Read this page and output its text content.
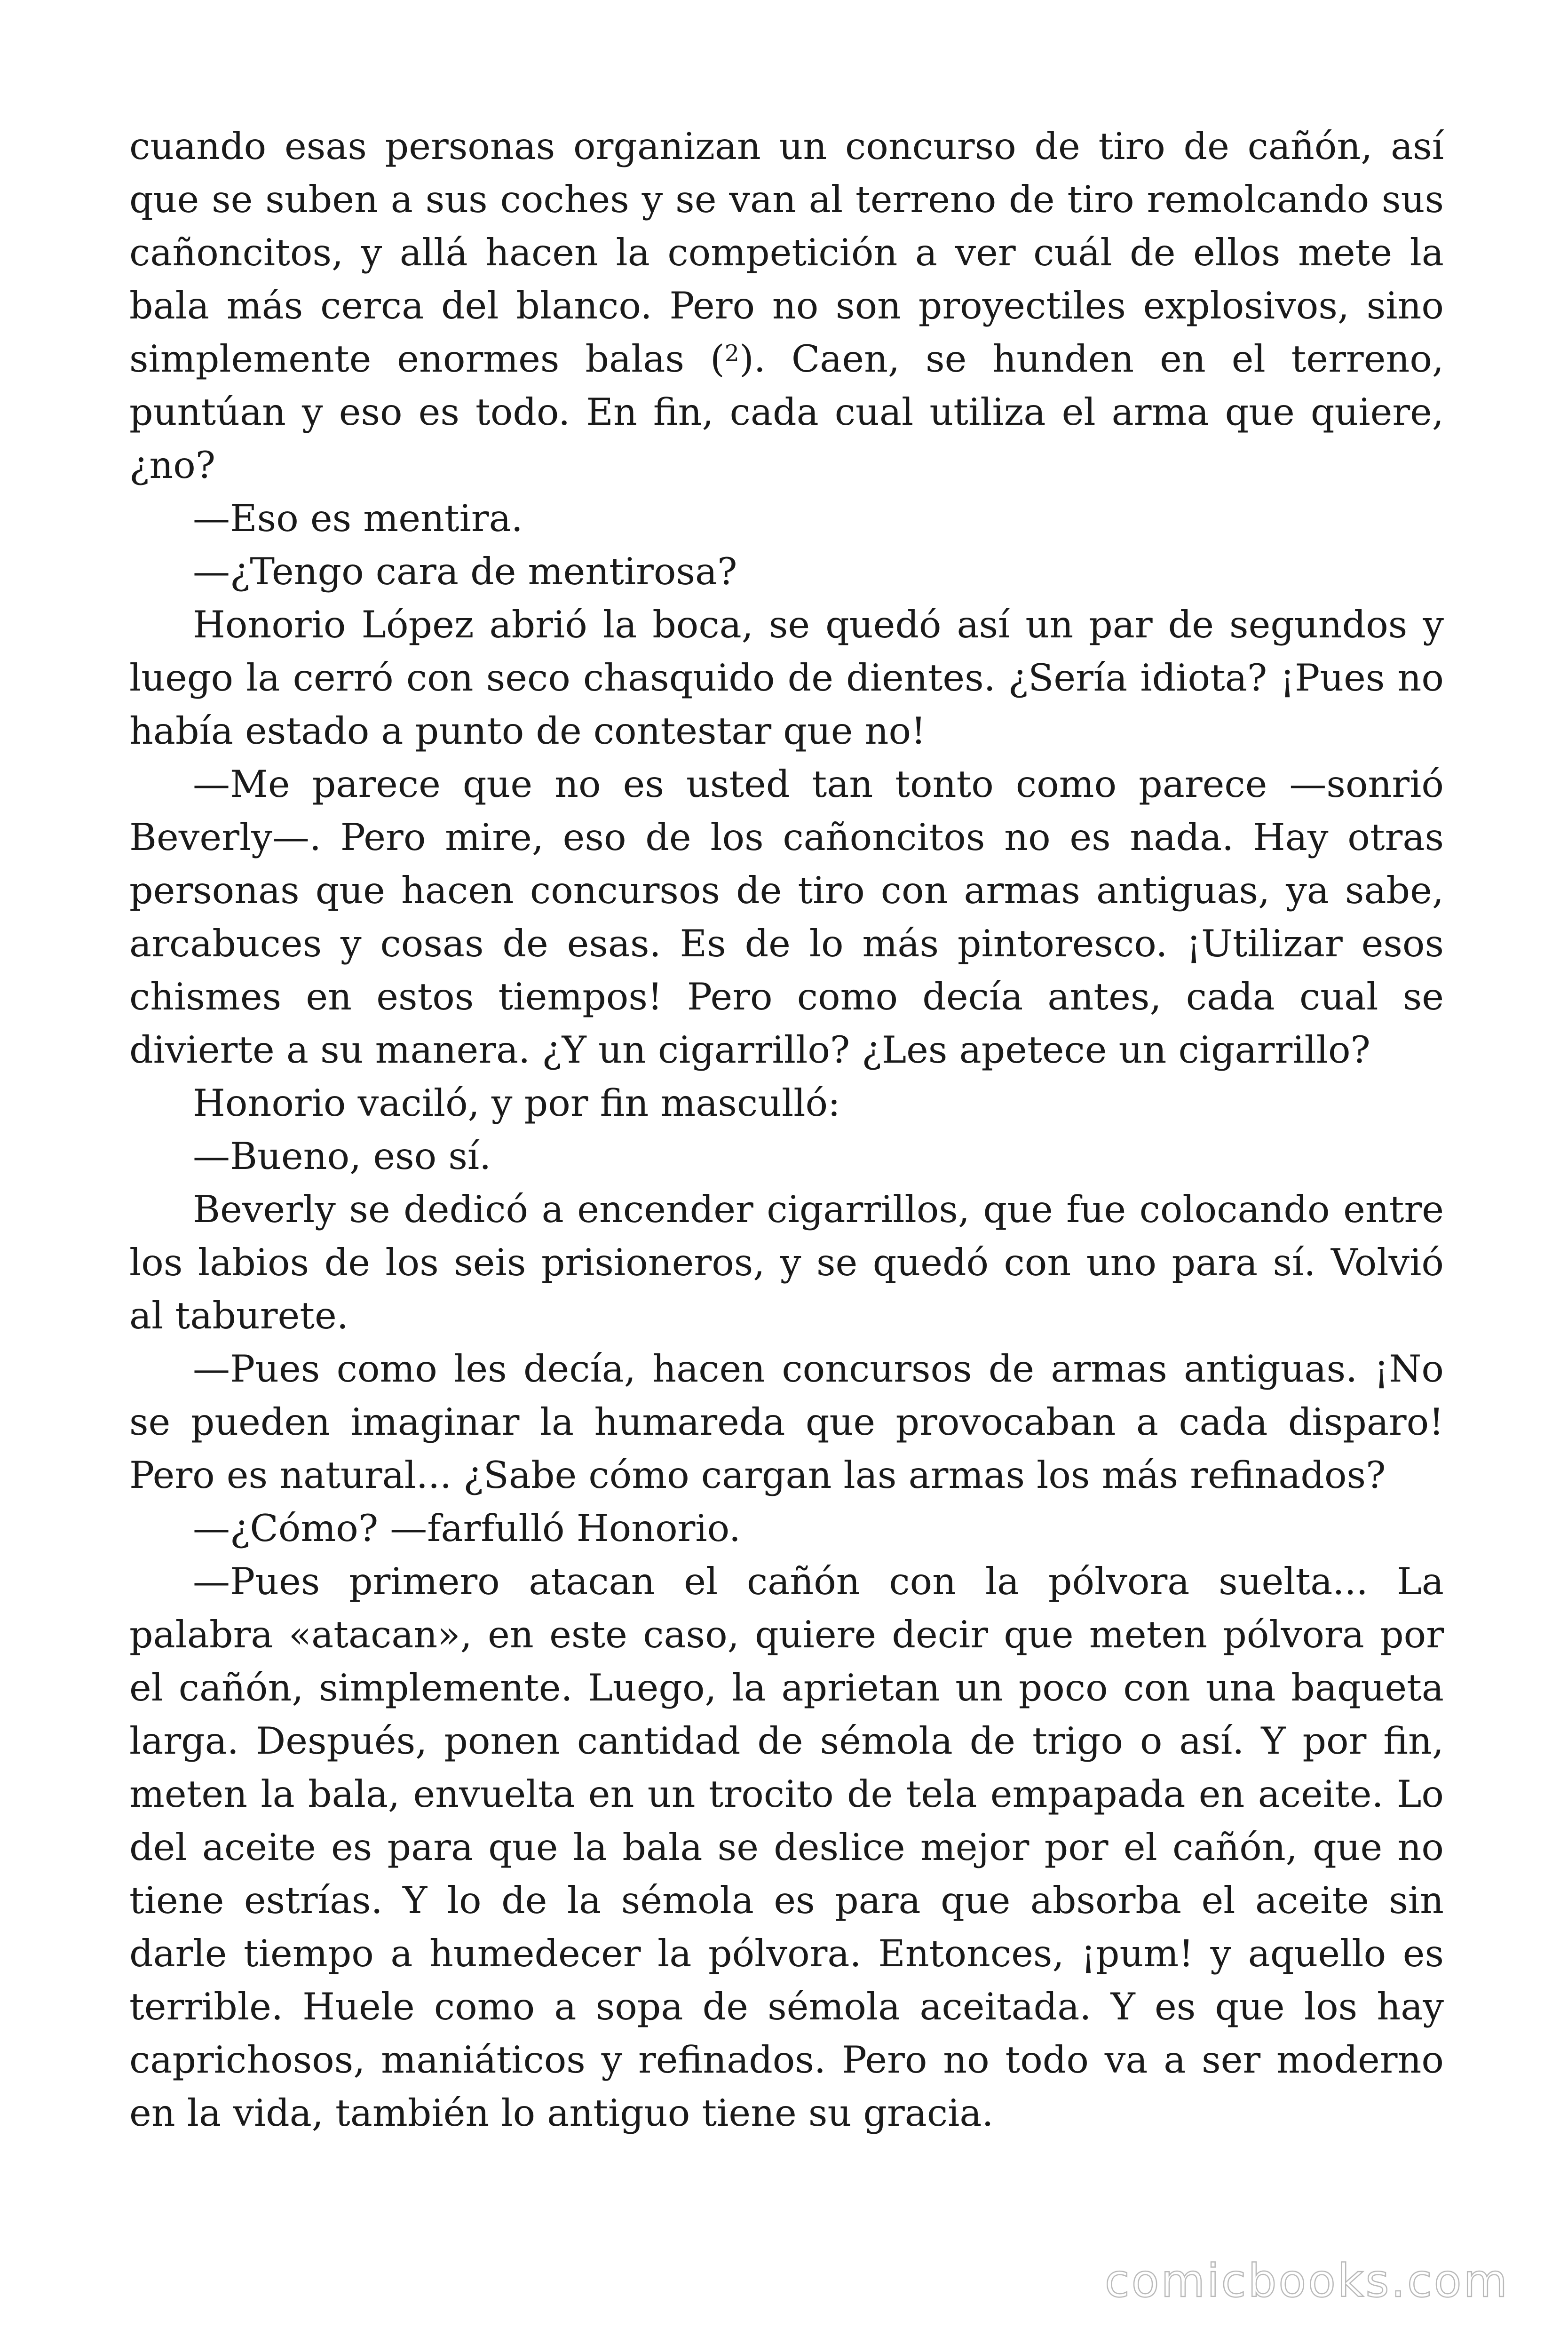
cuando esas personas organizan un concurso de tiro de cañón, así que se suben a sus coches y se van al terreno de tiro remolcando sus cañoncitos, y allá hacen la competición a ver cuál de ellos mete la bala más cerca del blanco. Pero no son proyectiles explosivos, sino simplemente enormes balas ($^2$). Caen, se hunden en el terreno, puntúan y eso es todo. En fin, cada cual utiliza el arma que quiere, ¿no?

—Eso es mentira.

—¿Tengo cara de mentirosa?

Honorio López abrió la boca, se quedó así un par de segundos y luego la cerró con seco chasquido de dientes. ¿Sería idiota? ¡Pues no había estado a punto de contestar que no!

—Me parece que no es usted tan tonto como parece —sonrió Beverly—. Pero mire, eso de los cañoncitos no es nada. Hay otras personas que hacen concursos de tiro con armas antiguas, ya sabe, arcabuces y cosas de esas. Es de lo más pintoresco. ¡Utilizar esos chismes en estos tiempos! Pero como decía antes, cada cual se divierte a su manera. ¿Y un cigarrillo? ¿Les apetece un cigarrillo?

Honorio vaciló, y por fin masculló:

—Bueno, eso sí.

Beverly se dedicó a encender cigarrillos, que fue colocando entre los labios de los seis prisioneros, y se quedó con uno para sí. Volvió al taburete.

—Pues como les decía, hacen concursos de armas antiguas. ¡No se pueden imaginar la humareda que provocaban a cada disparo! Pero es natural... ¿Sabe cómo cargan las armas los más refinados?

—¿Cómo? —farfulló Honorio.

—Pues primero atacan el cañón con la pólvora suelta... La palabra «atacan», en este caso, quiere decir que meten pólvora por el cañón, simplemente. Luego, la aprietan un poco con una baqueta larga. Después, ponen cantidad de sémola de trigo o así. Y por fin, meten la bala, envuelta en un trocito de tela empapada en aceite. Lo del aceite es para que la bala se deslice mejor por el cañón, que no tiene estrías. Y lo de la sémola es para que absorba el aceite sin darle tiempo a humedecer la pólvora. Entonces, ¡pum! y aquello es terrible. Huele como a sopa de sémola aceitada. Y es que los hay caprichosos, maniáticos y refinados. Pero no todo va a ser moderno en la vida, también lo antiguo tiene su gracia.

comicbooks.com
